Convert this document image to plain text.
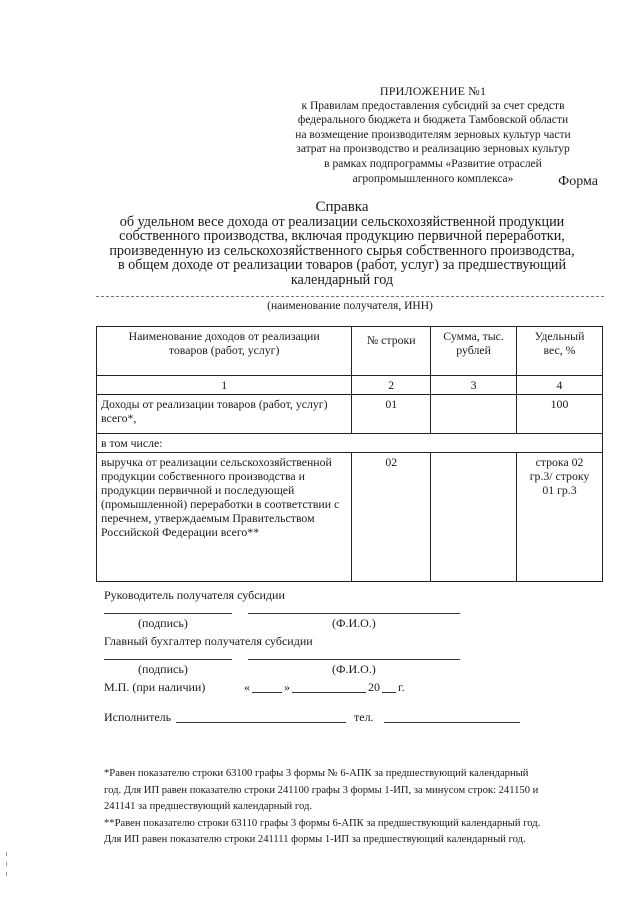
ПРИЛОЖЕНИЕ №1
к Правилам предоставления субсидий за счет средств
федерального бюджета и бюджета Тамбовской области
на возмещение производителям зерновых культур части
затрат на производство и реализацию зерновых культур
в рамках подпрограммы «Развитие отраслей
агропромышленного комплекса»	Форма
Справка
об удельном весе дохода от реализации сельскохозяйственной продукции
собственного производства, включая продукцию первичной переработки,
произведенную из сельскохозяйственного сырья собственного производства,
в общем доходе от реализации товаров (работ, услуг) за предшествующий
календарный год
(наименование получателя, ИНН)
Наименование доходов от реализации товаров (работ, услуг)	№ строки	Сумма, тыс. рублей	Удельный вес, %
1	2	3	4
Доходы от реализации товаров (работ, услуг) всего*,	01		100
в том числе:			
выручка от реализации сельскохозяйственной продукции собственного производства и продукции первичной и последующей (промышленной) переработки в соответствии с перечнем, утверждаемым Правительством Российской Федерации всего**	02		строка 02 гр.3/ строку 01 гр.3
Руководитель получателя субсидии
(подпись)	(Ф.И.О.)
Главный бухгалтер получателя субсидии
(подпись)	(Ф.И.О.)
М.П. (при наличии)	«	»	20 г.
Исполнитель	тел.
*Равен показателю строки 63100 графы 3 формы № 6-АПК за предшествующий календарный
год. Для ИП равен показателю строки 241100 графы 3 формы 1-ИП, за минусом строк: 241150 и
241141 за предшествующий календарный год.
**Равен показателю строки 63110 графы 3 формы 6-АПК за предшествующий календарный год.
Для ИП равен показателю строки 241111 формы 1-ИП за предшествующий календарный год.
